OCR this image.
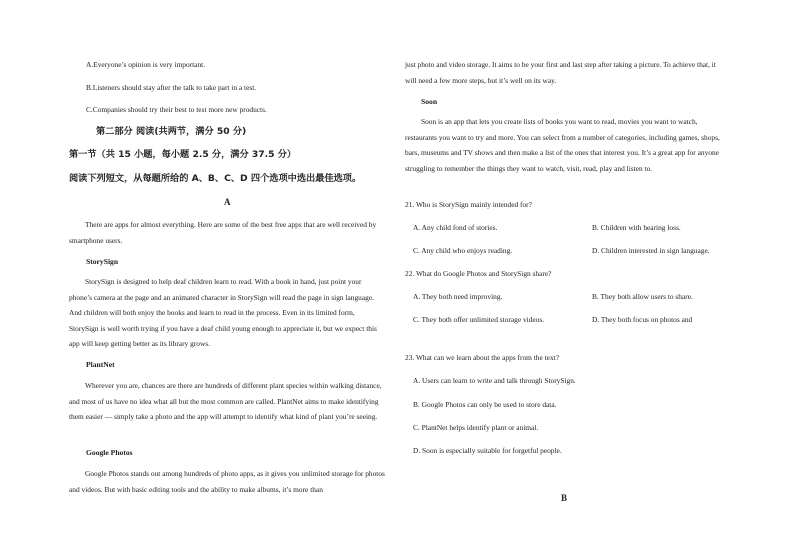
A.Everyone’s opinion is very important.
B.Listeners should stay after the talk to take part in a test.
C.Companies should try their best to test more new products.
第二部分 阅读(共两节，满分 50 分)
第一节（共 15 小题，每小题 2.5 分，满分 37.5 分）
阅读下列短文，从每题所给的 A、B、C、D 四个选项中选出最佳选项。
A
There are apps for almost everything. Here are some of the best free apps that are well received by smartphone users.
StorySign
StorySign is designed to help deaf children learn to read. With a book in hand, just point your phone’s camera at the page and an animated character in StorySign will read the page in sign language. And children will both enjoy the books and learn to read in the process. Even in its limited form, StorySign is well worth trying if you have a deaf child young enough to appreciate it, but we expect this app will keep getting better as its library grows.
PlantNet
Wherever you are, chances are there are hundreds of different plant species within walking distance, and most of us have no idea what all but the most common are called. PlantNet aims to make identifying them easier — simply take a photo and the app will attempt to identify what kind of plant you’re seeing.
Google Photos
Google Photos stands out among hundreds of photo apps, as it gives you unlimited storage for photos and videos. But with basic editing tools and the ability to make albums, it’s more than
just photo and video storage. It aims to be your first and last step after taking a picture. To achieve that, it will need a few more steps, but it’s well on its way.
Soon
Soon is an app that lets you create lists of books you want to read, movies you want to watch, restaurants you want to try and more. You can select from a number of categories, including games, shops, bars, museums and TV shows and then make a list of the ones that interest you. It’s a great app for anyone struggling to remember the things they want to watch, visit, read, play and listen to.
21. Who is StorySign mainly intended for?
A. Any child fond of stories.	B. Children with hearing loss.
C. Any child who enjoys reading.	D. Children interested in sign language.
22. What do Google Photos and StorySign share?
A. They both need improving.	B. They both allow users to share.
C. They both offer unlimited storage videos.	D. They both focus on photos and
23. What can we learn about the apps from the text?
A. Users can learn to write and talk through StorySign.
B. Google Photos can only be used to store data.
C. PlantNet helps identify plant or animal.
D. Soon is especially suitable for forgetful people.
B
